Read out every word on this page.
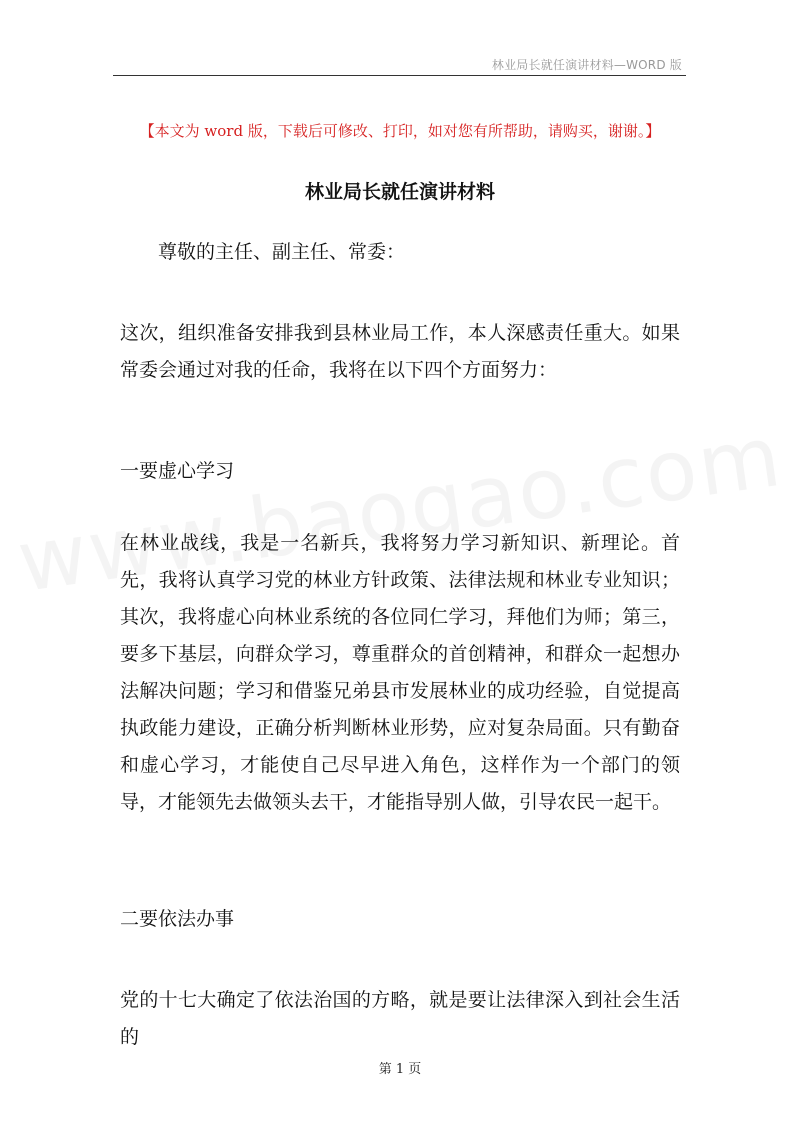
林业局长就任演讲材料—WORD 版
【本文为 word 版，下载后可修改、打印，如对您有所帮助，请购买，谢谢。】
林业局长就任演讲材料

尊敬的主任、副主任、常委：

这次，组织准备安排我到县林业局工作，本人深感责任重大。如果常委会通过对我的任命，我将在以下四个方面努力：

一要虚心学习

在林业战线，我是一名新兵，我将努力学习新知识、新理论。首先，我将认真学习党的林业方针政策、法律法规和林业专业知识；其次，我将虚心向林业系统的各位同仁学习，拜他们为师；第三，要多下基层，向群众学习，尊重群众的首创精神，和群众一起想办法解决问题；学习和借鉴兄弟县市发展林业的成功经验，自觉提高执政能力建设，正确分析判断林业形势，应对复杂局面。只有勤奋和虚心学习，才能使自己尽早进入角色，这样作为一个部门的领导，才能领先去做领头去干，才能指导别人做，引导农民一起干。

二要依法办事

党的十七大确定了依法治国的方略，就是要让法律深入到社会生活的

第 1 页
